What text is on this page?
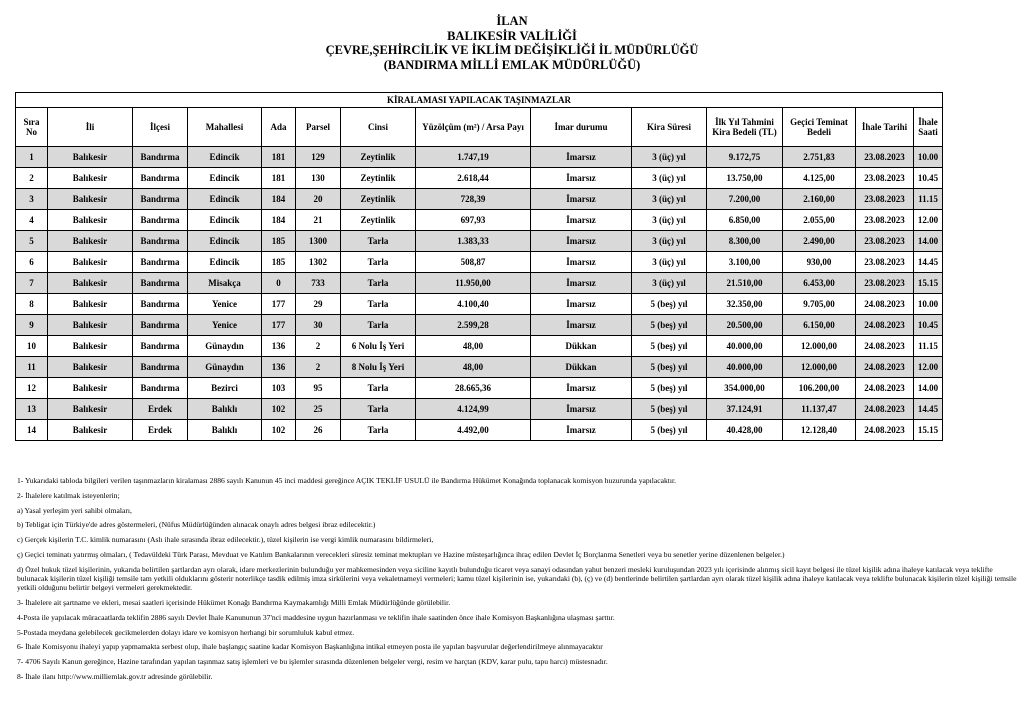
İLAN
BALIKESİR VALİLİĞİ
ÇEVRE,ŞEHİRCİLİK VE İKLİM DEĞİŞİKLİĞİ İL MÜDÜRLÜĞÜ
(BANDIRMA MİLLİ EMLAK MÜDÜRLÜĞÜ)
KİRALAMASI YAPILACAK TAŞINMAZLAR													
Sıra No	İli	İlçesi	Mahallesi	Ada	Parsel	Cinsi	Yüzölçüm (m²) / Arsa Payı	İmar durumu	Kira Süresi	İlk Yıl Tahmini Kira Bedeli (TL)	Geçici Teminat Bedeli	İhale Tarihi	İhale Saati
1	Balıkesir	Bandırma	Edincik	181	129	Zeytinlik	1.747,19	İmarsız	3 (üç) yıl	9.172,75	2.751,83	23.08.2023	10.00
2	Balıkesir	Bandırma	Edincik	181	130	Zeytinlik	2.618,44	İmarsız	3 (üç) yıl	13.750,00	4.125,00	23.08.2023	10.45
3	Balıkesir	Bandırma	Edincik	184	20	Zeytinlik	728,39	İmarsız	3 (üç) yıl	7.200,00	2.160,00	23.08.2023	11.15
4	Balıkesir	Bandırma	Edincik	184	21	Zeytinlik	697,93	İmarsız	3 (üç) yıl	6.850,00	2.055,00	23.08.2023	12.00
5	Balıkesir	Bandırma	Edincik	185	1300	Tarla	1.383,33	İmarsız	3 (üç) yıl	8.300,00	2.490,00	23.08.2023	14.00
6	Balıkesir	Bandırma	Edincik	185	1302	Tarla	508,87	İmarsız	3 (üç) yıl	3.100,00	930,00	23.08.2023	14.45
7	Balıkesir	Bandırma	Misakça	0	733	Tarla	11.950,00	İmarsız	3 (üç) yıl	21.510,00	6.453,00	23.08.2023	15.15
8	Balıkesir	Bandırma	Yenice	177	29	Tarla	4.100,40	İmarsız	5 (beş) yıl	32.350,00	9.705,00	24.08.2023	10.00
9	Balıkesir	Bandırma	Yenice	177	30	Tarla	2.599,28	İmarsız	5 (beş) yıl	20.500,00	6.150,00	24.08.2023	10.45
10	Balıkesir	Bandırma	Günaydın	136	2	6 Nolu İş Yeri	48,00	Dükkan	5 (beş) yıl	40.000,00	12.000,00	24.08.2023	11.15
11	Balıkesir	Bandırma	Günaydın	136	2	8 Nolu İş Yeri	48,00	Dükkan	5 (beş) yıl	40.000,00	12.000,00	24.08.2023	12.00
12	Balıkesir	Bandırma	Bezirci	103	95	Tarla	28.665,36	İmarsız	5 (beş) yıl	354.000,00	106.200,00	24.08.2023	14.00
13	Balıkesir	Erdek	Balıklı	102	25	Tarla	4.124,99	İmarsız	5 (beş) yıl	37.124,91	11.137,47	24.08.2023	14.45
14	Balıkesir	Erdek	Balıklı	102	26	Tarla	4.492,00	İmarsız	5 (beş) yıl	40.428,00	12.128,40	24.08.2023	15.15

1- Yukarıdaki tabloda bilgileri verilen taşınmazların kiralaması 2886 sayılı Kanunun 45 inci maddesi gereğince AÇIK TEKLİF USULÜ ile Bandırma Hükümet Konağında toplanacak komisyon huzurunda yapılacaktır.

2- İhalelere katılmak isteyenlerin;

a) Yasal yerleşim yeri sahibi olmaları,

b) Tebligat için Türkiye'de adres göstermeleri, (Nüfus Müdürlüğünden alınacak onaylı adres belgesi ibraz edilecektir.)

c) Gerçek kişilerin T.C. kimlik numarasını (Aslı ihale sırasında ibraz edilecektir.), tüzel kişilerin ise vergi kimlik numarasını bildirmeleri,

ç) Geçici teminatı yatırmış olmaları, ( Tedavüldeki Türk Parası, Mevduat ve Katılım Bankalarının verecekleri süresiz teminat mektupları ve Hazine müsteşarlığınca ihraç edilen Devlet İç Borçlanma Senetleri veya bu senetler yerine düzenlenen belgeler.)

d) Özel hukuk tüzel kişilerinin, yukarıda belirtilen şartlardan ayrı olarak, idare merkezlerinin bulunduğu yer mahkemesinden veya siciline kayıtlı bulunduğu ticaret veya sanayi odasından yahut benzeri mesleki kuruluşundan 2023 yılı içerisinde alınmış sicil kayıt belgesi ile tüzel kişilik adına ihaleye katılacak veya teklifte bulunacak kişilerin tüzel kişiliği temsile tam yetkili olduklarını gösterir noterlikçe tasdik edilmiş imza sirkülerini veya vekaletnameyi vermeleri; kamu tüzel kişilerinin ise, yukarıdaki (b), (ç) ve (d) bentlerinde belirtilen şartlardan ayrı olarak tüzel kişilik adına ihaleye katılacak veya teklifte bulunacak kişilerin tüzel kişiliği temsile yetkili olduğunu belirtir belgeyi vermeleri gerekmektedir.

3- İhalelere ait şartname ve ekleri, mesai saatleri içerisinde Hükümet Konağı Bandırma Kaymakamlığı Milli Emlak Müdürlüğünde görülebilir.

4-Posta ile yapılacak müracaatlarda teklifin 2886 sayılı Devlet İhale Kanununun 37'nci maddesine uygun hazırlanması ve teklifin ihale saatinden önce ihale Komisyon Başkanlığına ulaşması şarttır.

5-Postada meydana gelebilecek gecikmelerden dolayı idare ve komisyon herhangi bir sorumluluk kabul etmez.

6- İhale Komisyonu ihaleyi yapıp yapmamakta serbest olup, ihale başlangıç saatine kadar Komisyon Başkanlığına intikal etmeyen posta ile yapılan başvurular değerlendirilmeye alınmayacaktır

7- 4706 Sayılı Kanun gereğince, Hazine tarafından yapılan taşınmaz satış işlemleri ve bu işlemler sırasında düzenlenen belgeler vergi, resim ve harçtan (KDV, karar pulu, tapu harcı) müstesnadır.

8- İhale ilanı http://www.milliemlak.gov.tr adresinde görülebilir.
